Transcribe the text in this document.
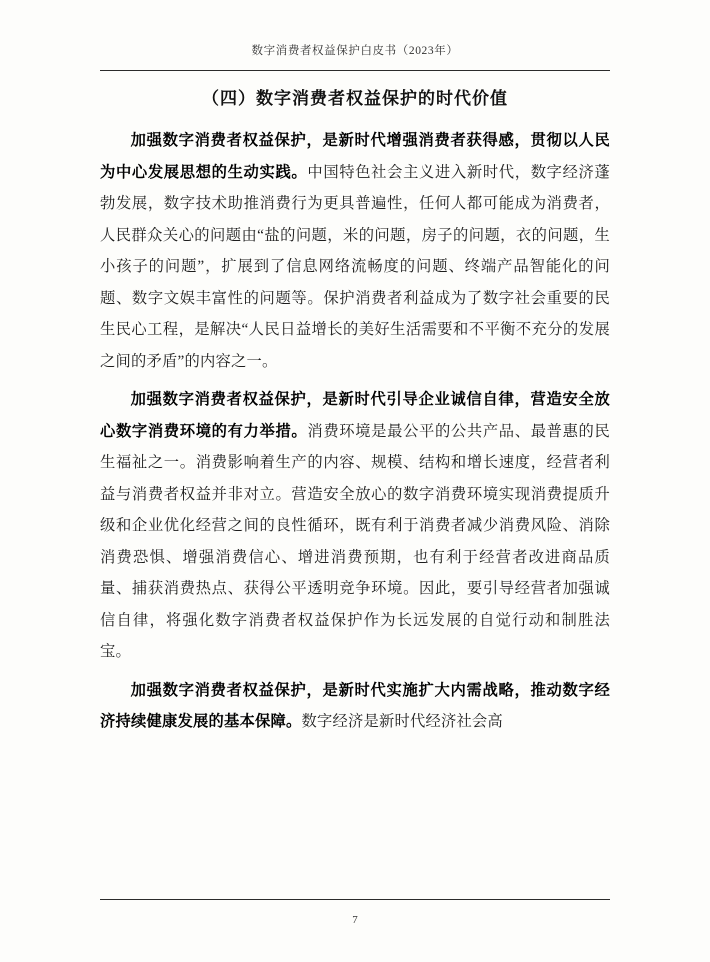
数字消费者权益保护白皮书（2023年）
（四）数字消费者权益保护的时代价值

加强数字消费者权益保护，是新时代增强消费者获得感，贯彻以人民为中心发展思想的生动实践。中国特色社会主义进入新时代，数字经济蓬勃发展，数字技术助推消费行为更具普遍性，任何人都可能成为消费者，人民群众关心的问题由“盐的问题，米的问题，房子的问题，衣的问题，生小孩子的问题”，扩展到了信息网络流畅度的问题、终端产品智能化的问题、数字文娱丰富性的问题等。保护消费者利益成为了数字社会重要的民生民心工程，是解决“人民日益增长的美好生活需要和不平衡不充分的发展之间的矛盾”的内容之一。

加强数字消费者权益保护，是新时代引导企业诚信自律，营造安全放心数字消费环境的有力举措。消费环境是最公平的公共产品、最普惠的民生福祉之一。消费影响着生产的内容、规模、结构和增长速度，经营者利益与消费者权益并非对立。营造安全放心的数字消费环境实现消费提质升级和企业优化经营之间的良性循环，既有利于消费者减少消费风险、消除消费恐惧、增强消费信心、增进消费预期，也有利于经营者改进商品质量、捕获消费热点、获得公平透明竞争环境。因此，要引导经营者加强诚信自律，将强化数字消费者权益保护作为长远发展的自觉行动和制胜法宝。

加强数字消费者权益保护，是新时代实施扩大内需战略，推动数字经济持续健康发展的基本保障。数字经济是新时代经济社会高

7
